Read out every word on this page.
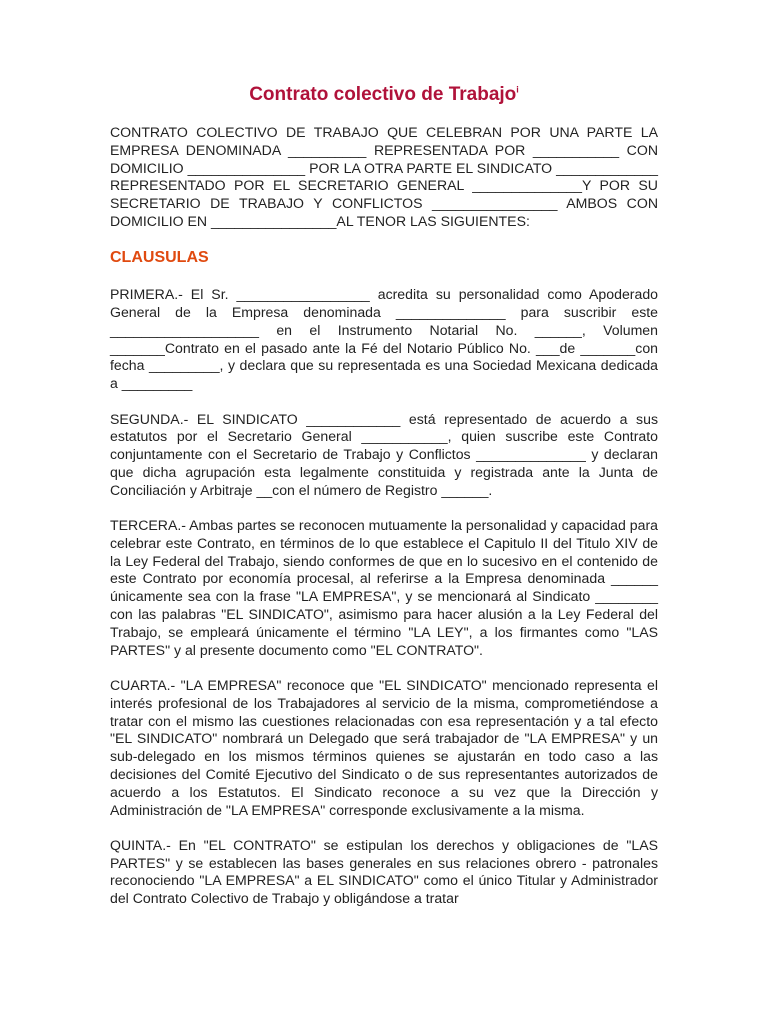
Contrato colectivo de Trabajo$^i$

CONTRATO COLECTIVO DE TRABAJO QUE CELEBRAN POR UNA PARTE LA EMPRESA DENOMINADA __________ REPRESENTADA POR ___________ CON DOMICILIO _______________ POR LA OTRA PARTE EL SINDICATO _____________ REPRESENTADO POR EL SECRETARIO GENERAL ______________Y POR SU SECRETARIO DE TRABAJO Y CONFLICTOS ________________ AMBOS CON DOMICILIO EN ________________AL TENOR LAS SIGUIENTES:

CLAUSULAS

PRIMERA.- El Sr. _________________ acredita su personalidad como Apoderado General de la Empresa denominada ______________ para suscribir este ___________________ en el Instrumento Notarial No. ______, Volumen _______Contrato en el pasado ante la Fé del Notario Público No. ___de _______con fecha _________, y declara que su representada es una Sociedad Mexicana dedicada a _________

SEGUNDA.- EL SINDICATO ____________ está representado de acuerdo a sus estatutos por el Secretario General ___________, quien suscribe este Contrato conjuntamente con el Secretario de Trabajo y Conflictos ______________ y declaran que dicha agrupación esta legalmente constituida y registrada ante la Junta de Conciliación y Arbitraje __con el número de Registro ______.

TERCERA.- Ambas partes se reconocen mutuamente la personalidad y capacidad para celebrar este Contrato, en términos de lo que establece el Capitulo II del Titulo XIV de la Ley Federal del Trabajo, siendo conformes de que en lo sucesivo en el contenido de este Contrato por economía procesal, al referirse a la Empresa denominada ______ únicamente sea con la frase "LA EMPRESA", y se mencionará al Sindicato ________ con las palabras "EL SINDICATO", asimismo para hacer alusión a la Ley Federal del Trabajo, se empleará únicamente el término "LA LEY", a los firmantes como "LAS PARTES" y al presente documento como "EL CONTRATO".

CUARTA.- "LA EMPRESA" reconoce que "EL SINDICATO" mencionado representa el interés profesional de los Trabajadores al servicio de la misma, comprometiéndose a tratar con el mismo las cuestiones relacionadas con esa representación y a tal efecto "EL SINDICATO" nombrará un Delegado que será trabajador de "LA EMPRESA" y un sub-delegado en los mismos términos quienes se ajustarán en todo caso a las decisiones del Comité Ejecutivo del Sindicato o de sus representantes autorizados de acuerdo a los Estatutos. El Sindicato reconoce a su vez que la Dirección y Administración de "LA EMPRESA" corresponde exclusivamente a la misma.

QUINTA.- En "EL CONTRATO" se estipulan los derechos y obligaciones de "LAS PARTES" y se establecen las bases generales en sus relaciones obrero - patronales reconociendo "LA EMPRESA" a EL SINDICATO" como el único Titular y Administrador del Contrato Colectivo de Trabajo y obligándose a tratar
